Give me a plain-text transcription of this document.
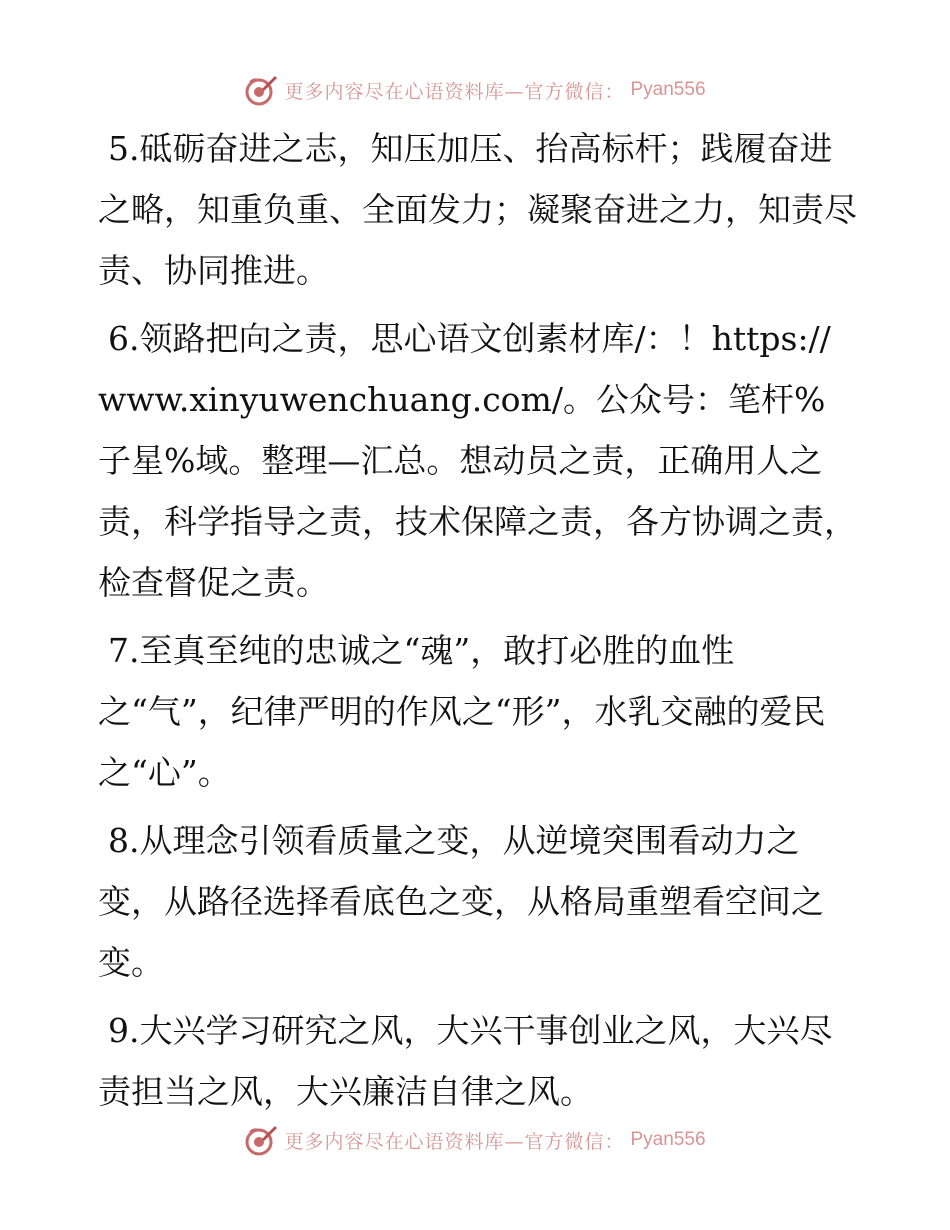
更多内容尽在心语资料库—官方微信： Pyan556

5.砥砺奋进之志，知压加压、抬高标杆；践履奋进之略，知重负重、全面发力；凝聚奋进之力，知责尽责、协同推进。

6.领路把向之责，思心语文创素材库/：！https://www.xinyuwenchuang.com/。公众号：笔杆%子星%域。整理—汇总。想动员之责，正确用人之责，科学指导之责，技术保障之责，各方协调之责，检查督促之责。

7.至真至纯的忠诚之“魂”，敢打必胜的血性之“气”，纪律严明的作风之“形”，水乳交融的爱民之“心”。

8.从理念引领看质量之变，从逆境突围看动力之变，从路径选择看底色之变，从格局重塑看空间之变。

9.大兴学习研究之风，大兴干事创业之风，大兴尽责担当之风，大兴廉洁自律之风。

更多内容尽在心语资料库—官方微信： Pyan556
